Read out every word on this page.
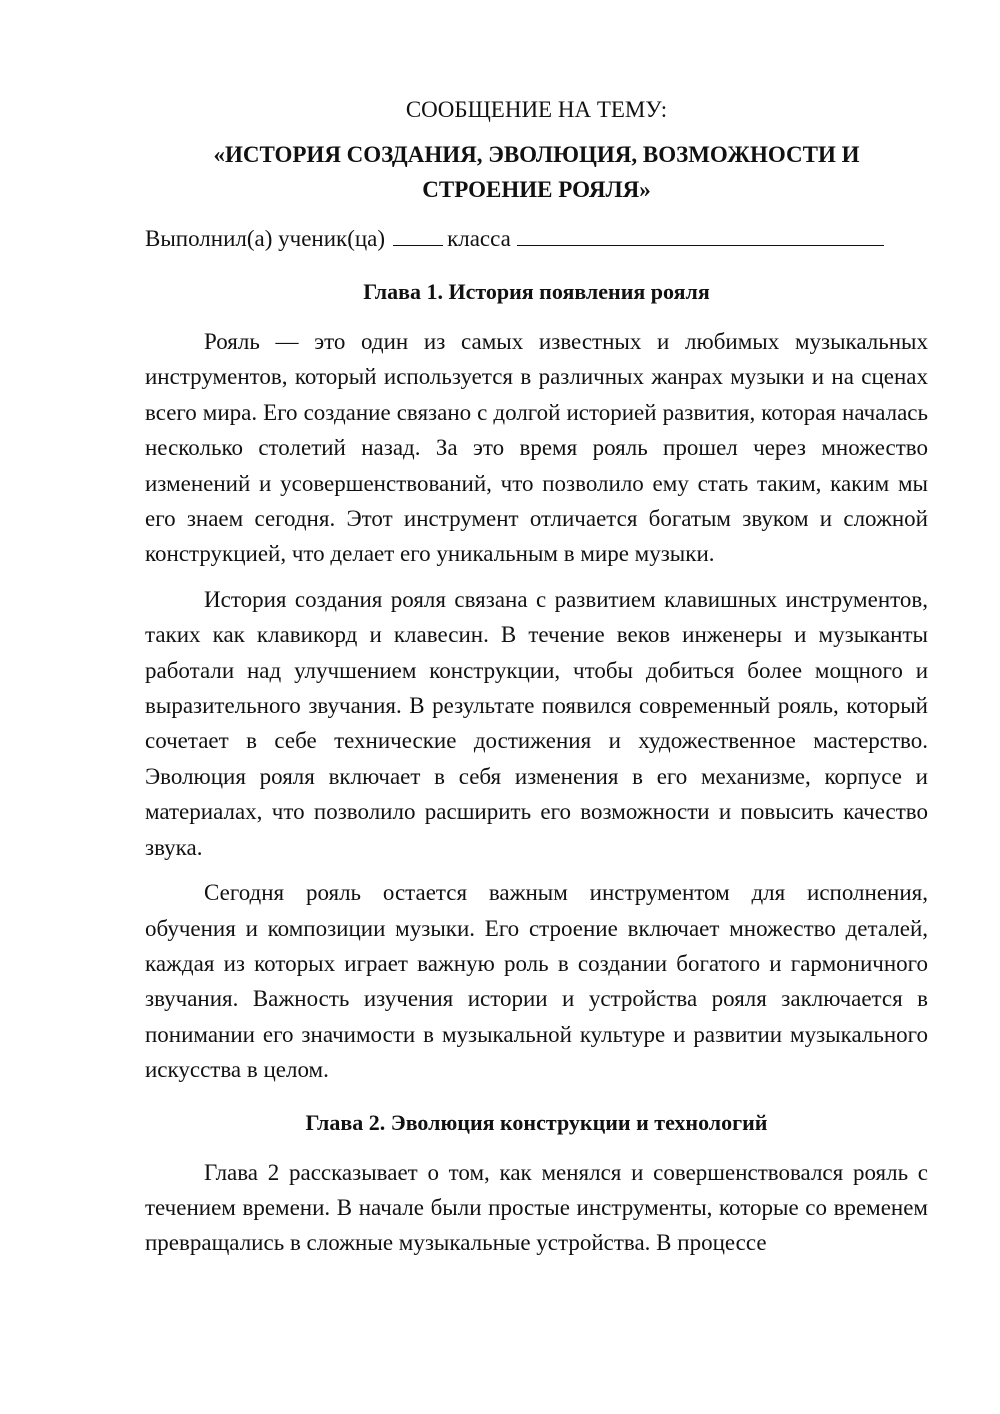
СООБЩЕНИЕ НА ТЕМУ:
«ИСТОРИЯ СОЗДАНИЯ, ЭВОЛЮЦИЯ, ВОЗМОЖНОСТИ И
СТРОЕНИЕ РОЯЛЯ»
Выполнил(а) ученик(ца)	класса
Глава 1. История появления рояля

Рояль — это один из самых известных и любимых музыкальных инструментов, который используется в различных жанрах музыки и на сценах всего мира. Его создание связано с долгой историей развития, которая началась несколько столетий назад. За это время рояль прошел через множество изменений и усовершенствований, что позволило ему стать таким, каким мы его знаем сегодня. Этот инструмент отличается богатым звуком и сложной конструкцией, что делает его уникальным в мире музыки.

История создания рояля связана с развитием клавишных инструментов, таких как клавикорд и клавесин. В течение веков инженеры и музыканты работали над улучшением конструкции, чтобы добиться более мощного и выразительного звучания. В результате появился современный рояль, который сочетает в себе технические достижения и художественное мастерство. Эволюция рояля включает в себя изменения в его механизме, корпусе и материалах, что позволило расширить его возможности и повысить качество звука.

Сегодня рояль остается важным инструментом для исполнения, обучения и композиции музыки. Его строение включает множество деталей, каждая из которых играет важную роль в создании богатого и гармоничного звучания. Важность изучения истории и устройства рояля заключается в понимании его значимости в музыкальной культуре и развитии музыкального искусства в целом.

Глава 2. Эволюция конструкции и технологий

Глава 2 рассказывает о том, как менялся и совершенствовался рояль с течением времени. В начале были простые инструменты, которые со временем превращались в сложные музыкальные устройства. В процессе
